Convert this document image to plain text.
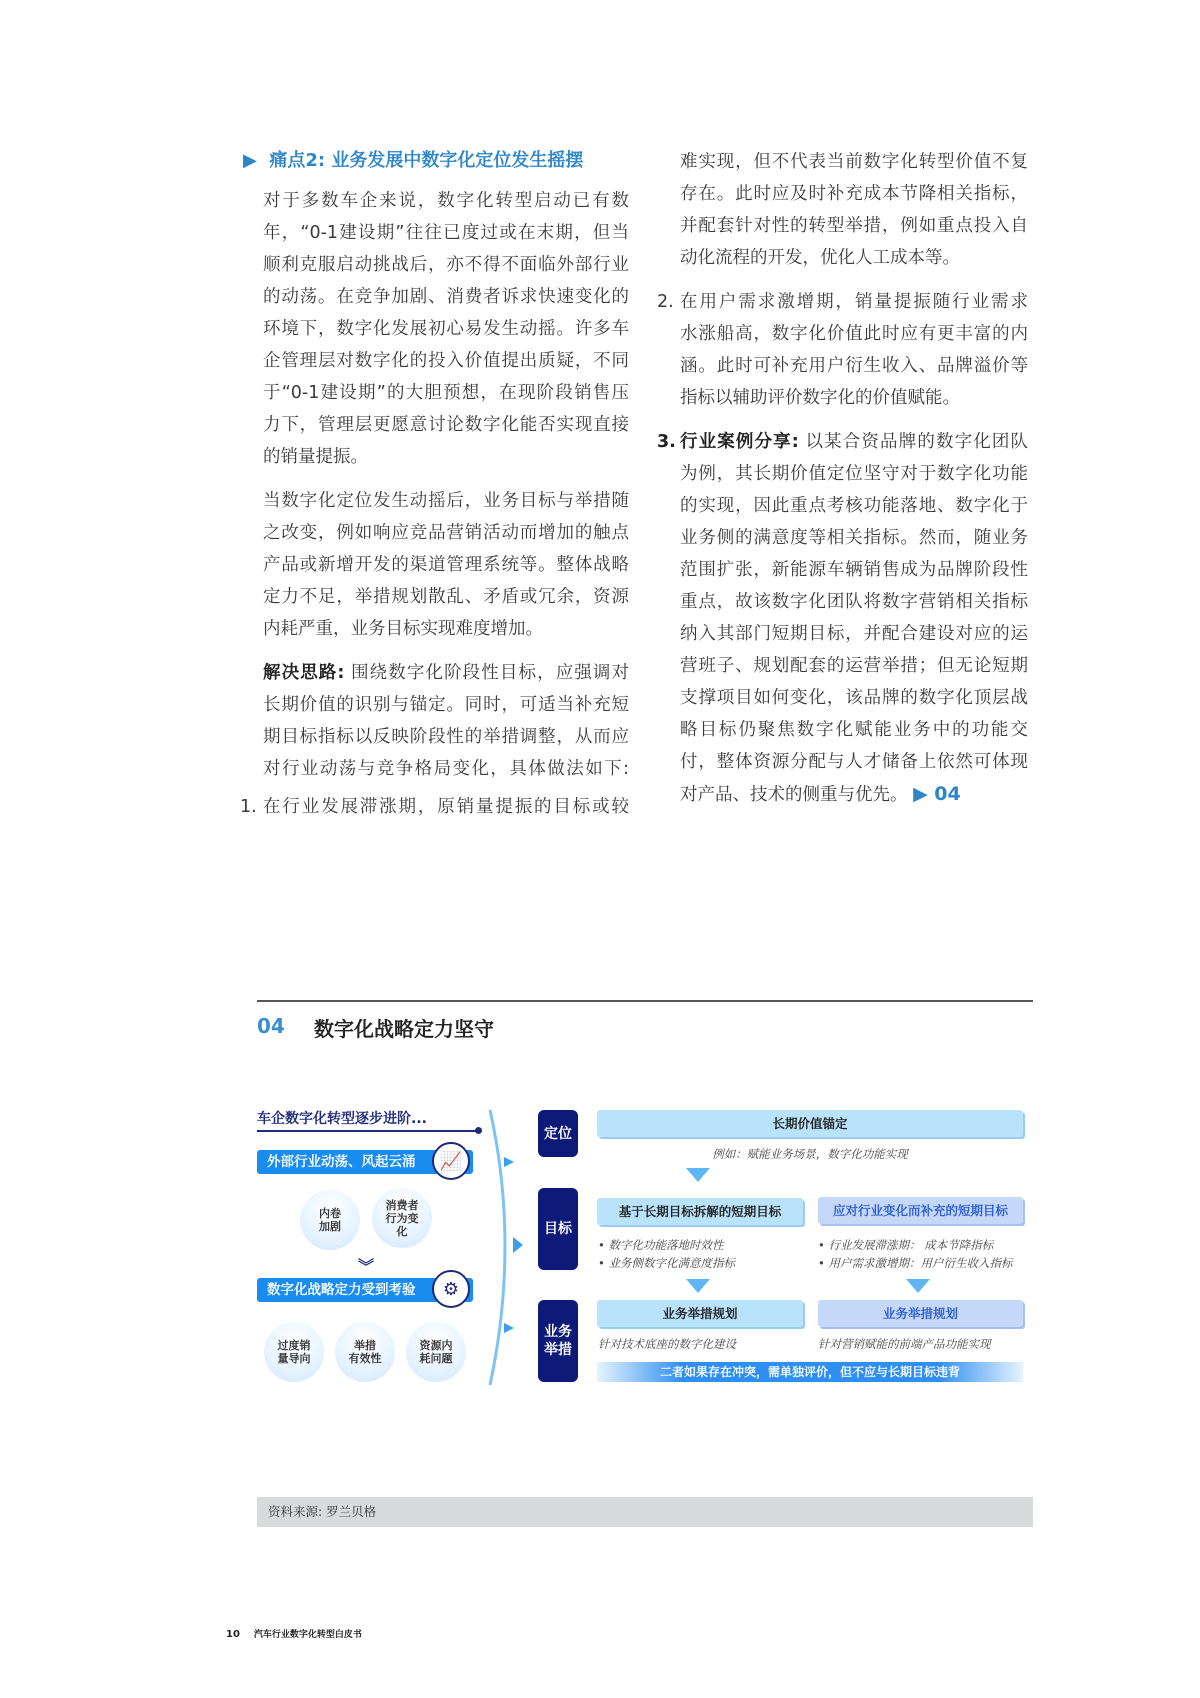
▶  痛点2: 业务发展中数字化定位发生摇摆
对于多数车企来说，数字化转型启动已有数
年，“0-1建设期”往往已度过或在末期，但当
顺利克服启动挑战后，亦不得不面临外部行业
的动荡。在竞争加剧、消费者诉求快速变化的
环境下，数字化发展初心易发生动摇。许多车
企管理层对数字化的投入价值提出质疑，不同
于“0-1建设期”的大胆预想，在现阶段销售压
力下，管理层更愿意讨论数字化能否实现直接
的销量提振。
当数字化定位发生动摇后，业务目标与举措随
之改变，例如响应竞品营销活动而增加的触点
产品或新增开发的渠道管理系统等。整体战略
定力不足，举措规划散乱、矛盾或冗余，资源
内耗严重，业务目标实现难度增加。
解决思路: 围绕数字化阶段性目标，应强调对
长期价值的识别与锚定。同时，可适当补充短
期目标指标以反映阶段性的举措调整，从而应
对行业动荡与竞争格局变化，具体做法如下:
1. 在行业发展滞涨期，原销量提振的目标或较
难实现，但不代表当前数字化转型价值不复
存在。此时应及时补充成本节降相关指标，
并配套针对性的转型举措，例如重点投入自
动化流程的开发，优化人工成本等。
2. 在用户需求激增期，销量提振随行业需求
水涨船高，数字化价值此时应有更丰富的内
涵。此时可补充用户衍生收入、品牌溢价等
指标以辅助评价数字化的价值赋能。
3. 行业案例分享: 以某合资品牌的数字化团队
为例，其长期价值定位坚守对于数字化功能
的实现，因此重点考核功能落地、数字化于
业务侧的满意度等相关指标。然而，随业务
范围扩张，新能源车辆销售成为品牌阶段性
重点，故该数字化团队将数字营销相关指标
纳入其部门短期目标，并配合建设对应的运
营班子、规划配套的运营举措；但无论短期
支撑项目如何变化，该品牌的数字化顶层战
略目标仍聚焦数字化赋能业务中的功能交
付，整体资源分配与人才储备上依然可体现
对产品、技术的侧重与优先。 ▶ 04
04 数字化战略定力坚守
车企数字化转型逐步进阶...
外部行业动荡、风起云涌	📈
内卷
加剧
消费者
行为变
化
︾
数字化战略定力受到考验	⚙
过度销
量导向
举措
有效性
资源内
耗问题
定位
目标
业务
举措
长期价值锚定
例如：赋能业务场景，数字化功能实现
基于长期目标拆解的短期目标	应对行业变化而补充的短期目标
• 数字化功能落地时效性
• 业务侧数字化满意度指标
• 行业发展滞涨期： 成本节降指标
• 用户需求激增期：用户衍生收入指标
业务举措规划	业务举措规划
针对技术底座的数字化建设	针对营销赋能的前端产品功能实现
二者如果存在冲突，需单独评价，但不应与长期目标违背
资料来源: 罗兰贝格
10 汽车行业数字化转型白皮书
